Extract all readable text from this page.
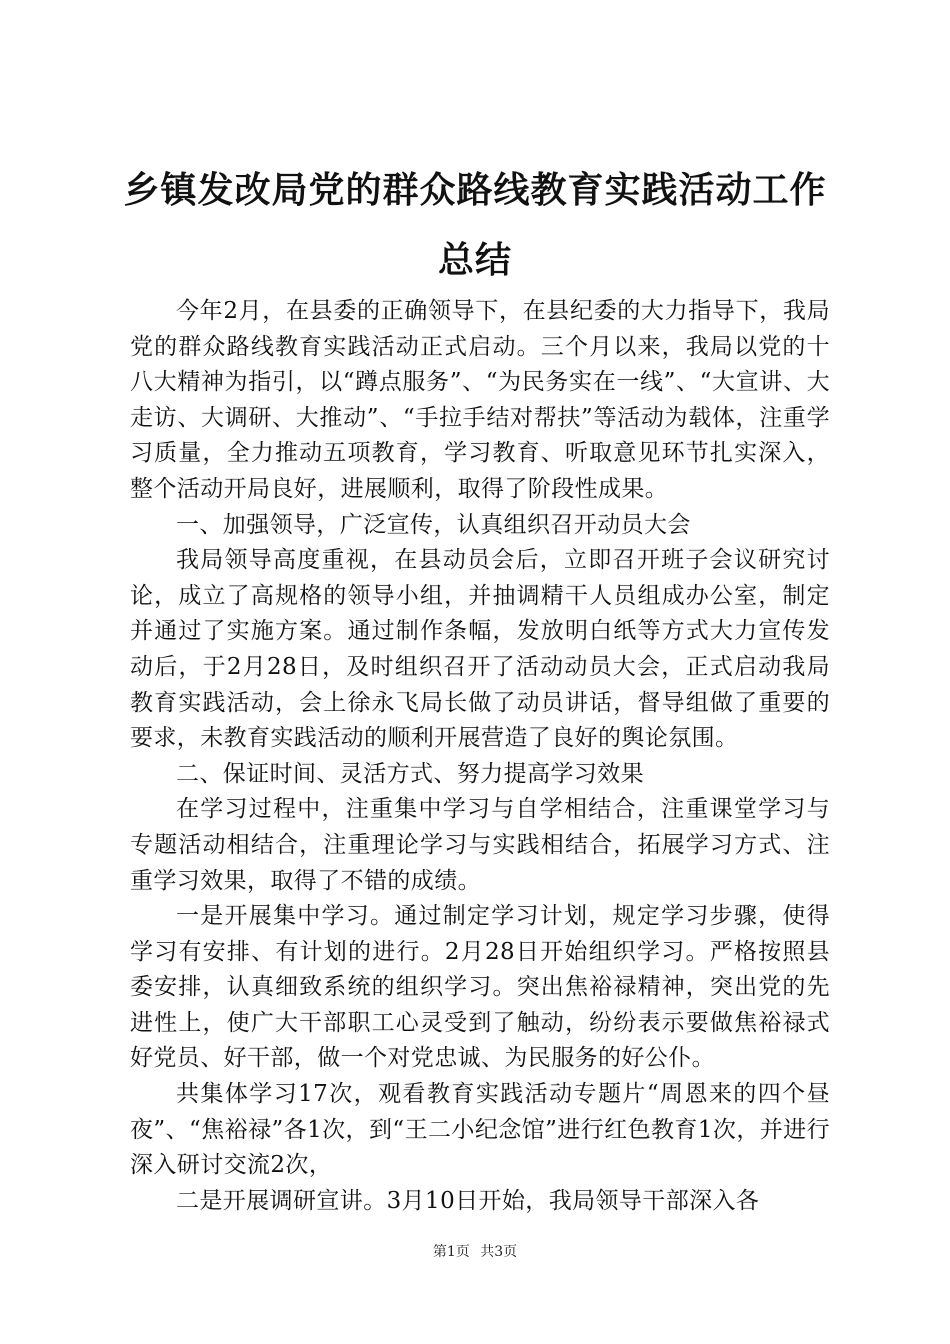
乡镇发改局党的群众路线教育实践活动工作总结

今年2月，在县委的正确领导下，在县纪委的大力指导下，我局党的群众路线教育实践活动正式启动。三个月以来，我局以党的十八大精神为指引，以“蹲点服务”、“为民务实在一线”、“大宣讲、大走访、大调研、大推动”、“手拉手结对帮扶”等活动为载体，注重学习质量，全力推动五项教育，学习教育、听取意见环节扎实深入，整个活动开局良好，进展顺利，取得了阶段性成果。

一、加强领导，广泛宣传，认真组织召开动员大会

我局领导高度重视，在县动员会后，立即召开班子会议研究讨论，成立了高规格的领导小组，并抽调精干人员组成办公室，制定并通过了实施方案。通过制作条幅，发放明白纸等方式大力宣传发动后，于2月28日，及时组织召开了活动动员大会，正式启动我局教育实践活动，会上徐永飞局长做了动员讲话，督导组做了重要的要求，未教育实践活动的顺利开展营造了良好的舆论氛围。

二、保证时间、灵活方式、努力提高学习效果

在学习过程中，注重集中学习与自学相结合，注重课堂学习与专题活动相结合，注重理论学习与实践相结合，拓展学习方式、注重学习效果，取得了不错的成绩。

一是开展集中学习。通过制定学习计划，规定学习步骤，使得学习有安排、有计划的进行。2月28日开始组织学习。严格按照县委安排，认真细致系统的组织学习。突出焦裕禄精神，突出党的先进性上，使广大干部职工心灵受到了触动，纷纷表示要做焦裕禄式好党员、好干部，做一个对党忠诚、为民服务的好公仆。

共集体学习17次，观看教育实践活动专题片“周恩来的四个昼夜”、“焦裕禄”各1次，到“王二小纪念馆”进行红色教育1次，并进行深入研讨交流2次，

二是开展调研宣讲。3月10日开始，我局领导干部深入各

第1页 共3页
